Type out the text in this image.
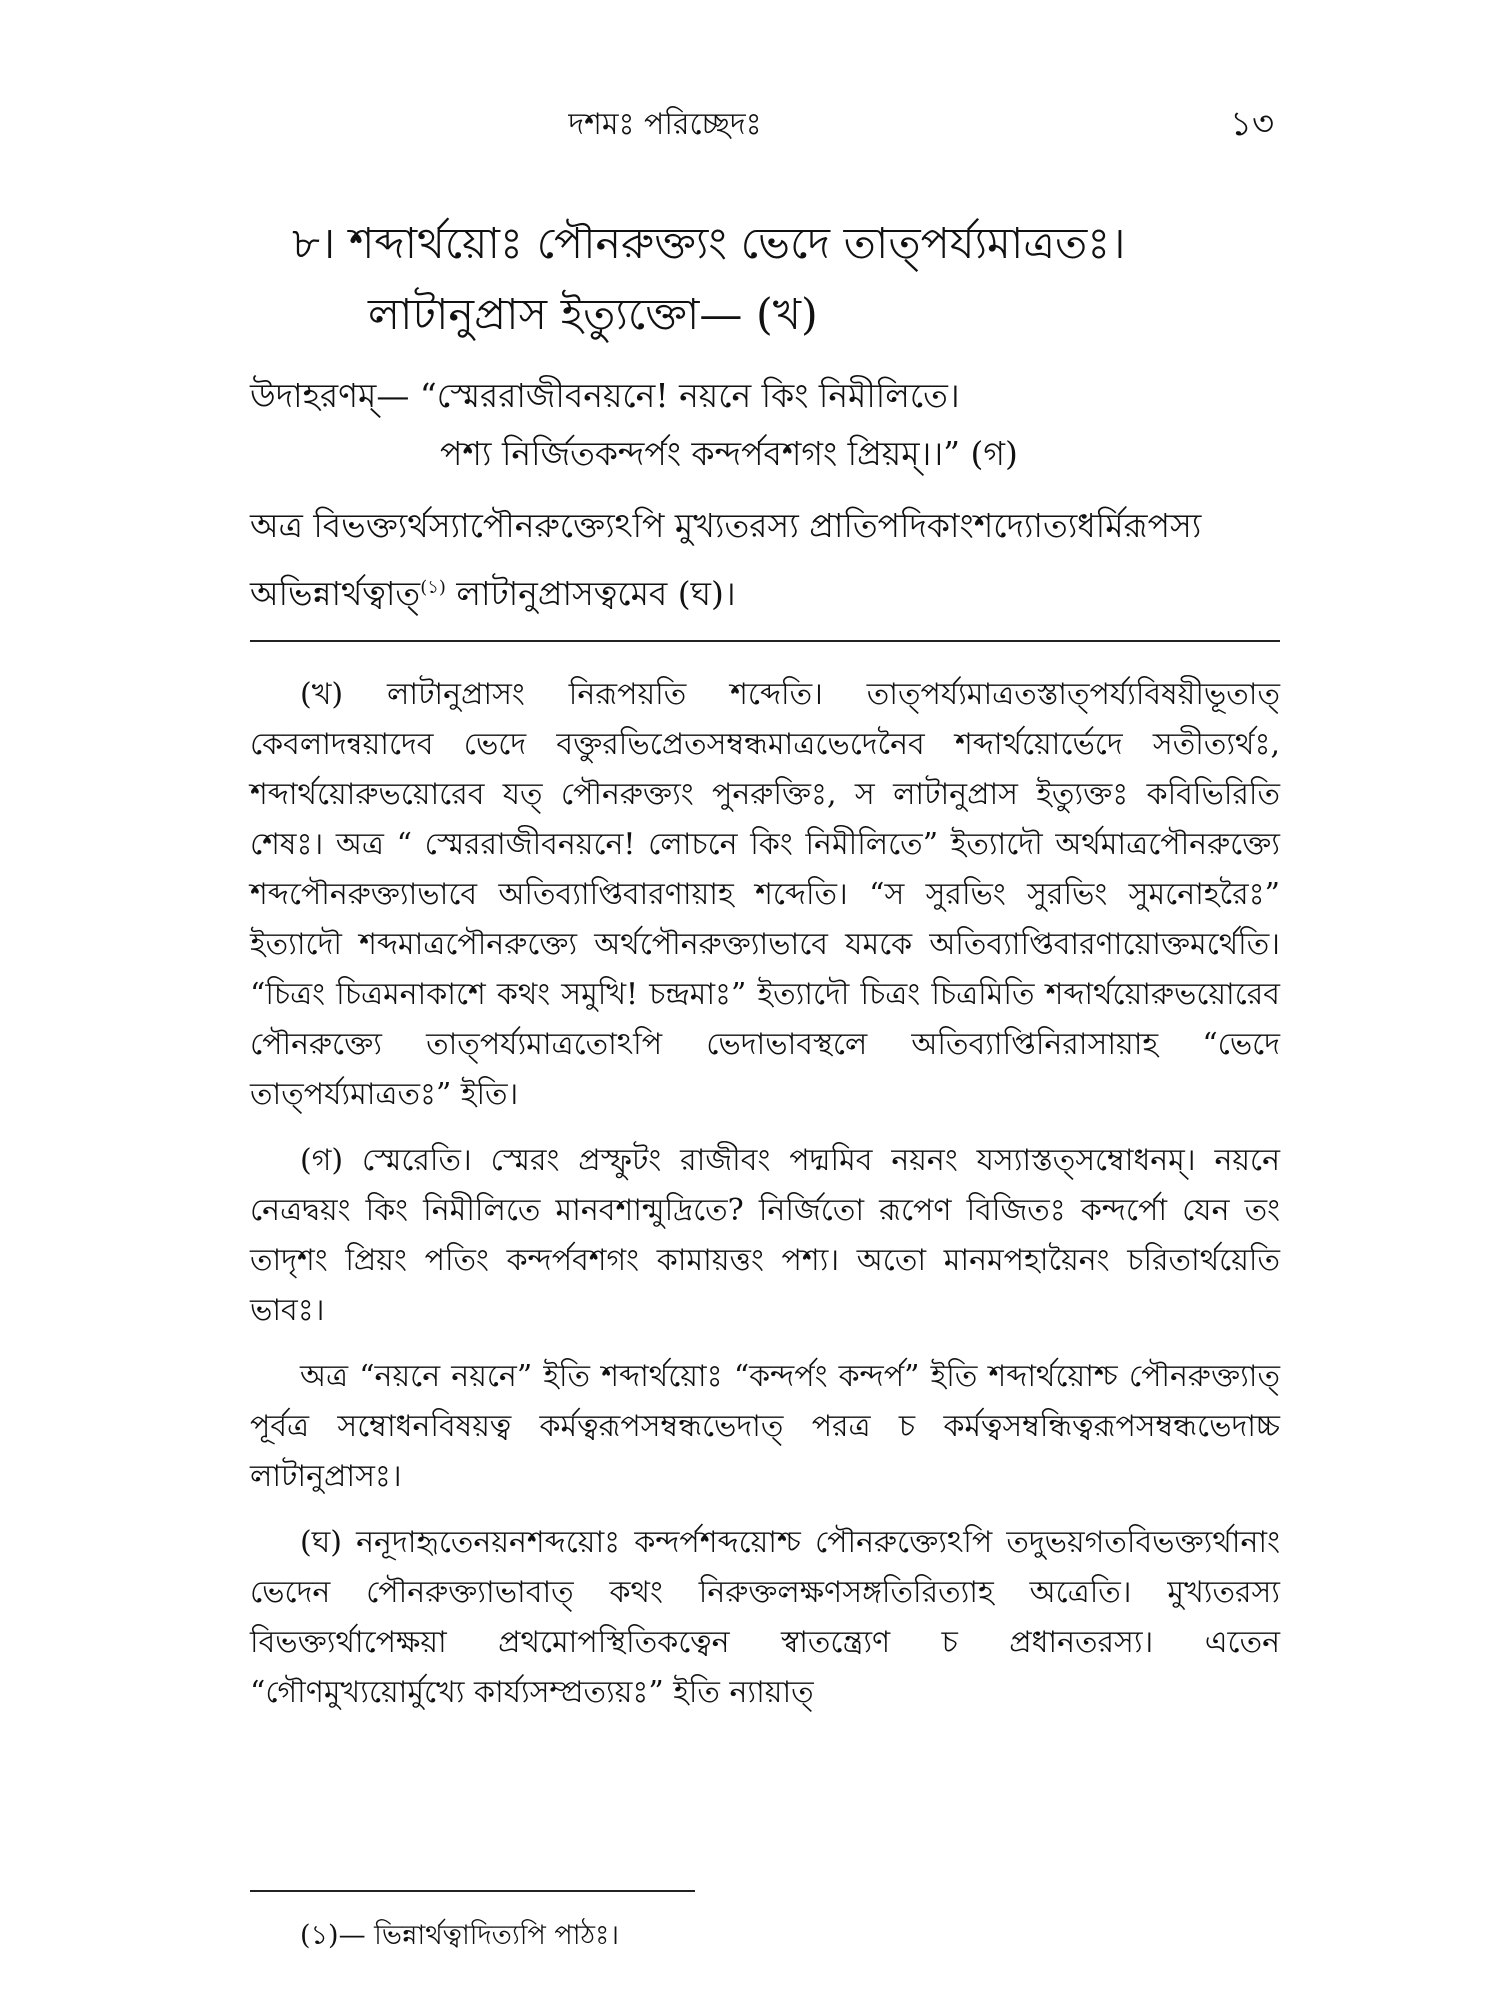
দশমঃ পরিচ্ছেদঃ	১৩
৮। শব্দার্থয়োঃ পৌনরুক্ত্যং ভেদে তাত্পর্য্যমাত্রতঃ।
লাটানুপ্রাস ইত্যুক্তো— (খ)
উদাহরণম্— “স্মেররাজীবনয়নে! নয়নে কিং নিমীলিতে।
পশ্য নির্জিতকন্দর্পং কন্দর্পবশগং প্রিয়ম্।।” (গ)
অত্র বিভক্ত্যর্থস্যাপৌনরুক্ত্যেঽপি মুখ্যতরস্য প্রাতিপদিকাংশদ্যোত্যধর্মিরূপস্য অভিন্নার্থত্বাত্$^{(১)}$ লাটানুপ্রাসত্বমেব (ঘ)।

(খ) লাটানুপ্রাসং নিরূপয়তি শব্দেতি। তাত্পর্য্যমাত্রতস্তাত্পর্য্যবিষয়ীভূতাত্ কেবলাদন্বয়াদেব ভেদে বক্তুরভিপ্রেতসম্বন্ধমাত্রভেদেনৈব শব্দার্থয়োর্ভেদে সতীত্যর্থঃ, শব্দার্থয়োরুভয়োরেব যত্ পৌনরুক্ত্যং পুনরুক্তিঃ, স লাটানুপ্রাস ইত্যুক্তঃ কবিভিরিতি শেষঃ। অত্র “ স্মেররাজীবনয়নে! লোচনে কিং নিমীলিতে” ইত্যাদৌ অর্থমাত্রপৌনরুক্ত্যে শব্দপৌনরুক্ত্যাভাবে অতিব্যাপ্তিবারণায়াহ শব্দেতি। “স সুরভিং সুরভিং সুমনোহরৈঃ” ইত্যাদৌ শব্দমাত্রপৌনরুক্ত্যে অর্থপৌনরুক্ত্যাভাবে যমকে অতিব্যাপ্তিবারণায়োক্তমর্থেতি। “চিত্রং চিত্রমনাকাশে কথং সমুখি! চন্দ্রমাঃ” ইত্যাদৌ চিত্রং চিত্রমিতি শব্দার্থয়োরুভয়োরেব পৌনরুক্ত্যে তাত্পর্য্যমাত্রতোঽপি ভেদাভাবস্থলে অতিব্যাপ্তিনিরাসায়াহ “ভেদে তাত্পর্য্যমাত্রতঃ” ইতি।

(গ) স্মেরেতি। স্মেরং প্রস্ফুটং রাজীবং পদ্মমিব নয়নং যস্যাস্তত্সম্বোধনম্। নয়নে নেত্রদ্বয়ং কিং নিমীলিতে মানবশান্মুদ্রিতে? নির্জিতো রূপেণ বিজিতঃ কন্দর্পো যেন তং তাদৃশং প্রিয়ং পতিং কন্দর্পবশগং কামায়ত্তং পশ্য। অতো মানমপহায়ৈনং চরিতার্থয়েতি ভাবঃ।

অত্র “নয়নে নয়নে” ইতি শব্দার্থয়োঃ “কন্দর্পং কন্দর্প” ইতি শব্দার্থয়োশ্চ পৌনরুক্ত্যাত্ পূর্বত্র সম্বোধনবিষয়ত্ব কর্মত্বরূপসম্বন্ধভেদাত্ পরত্র চ কর্মত্বসম্বন্ধিত্বরূপসম্বন্ধভেদাচ্চ লাটানুপ্রাসঃ।

(ঘ) ননূদাহৃতেনয়নশব্দয়োঃ কন্দর্পশব্দয়োশ্চ পৌনরুক্ত্যেঽপি তদুভয়গতবিভক্ত্যর্থানাং ভেদেন পৌনরুক্ত্যাভাবাত্ কথং নিরুক্তলক্ষণসঙ্গতিরিত্যাহ অত্রেতি। মুখ্যতরস্য বিভক্ত্যর্থাপেক্ষয়া প্রথমোপস্থিতিকত্বেন স্বাতন্ত্র্যেণ চ প্রধানতরস্য। এতেন “গৌণমুখ্যয়োর্মুখ্যে কার্য্যসম্প্রত্যয়ঃ” ইতি ন্যায়াত্

(১)— ভিন্নার্থত্বাদিত্যপি পাঠঃ।
